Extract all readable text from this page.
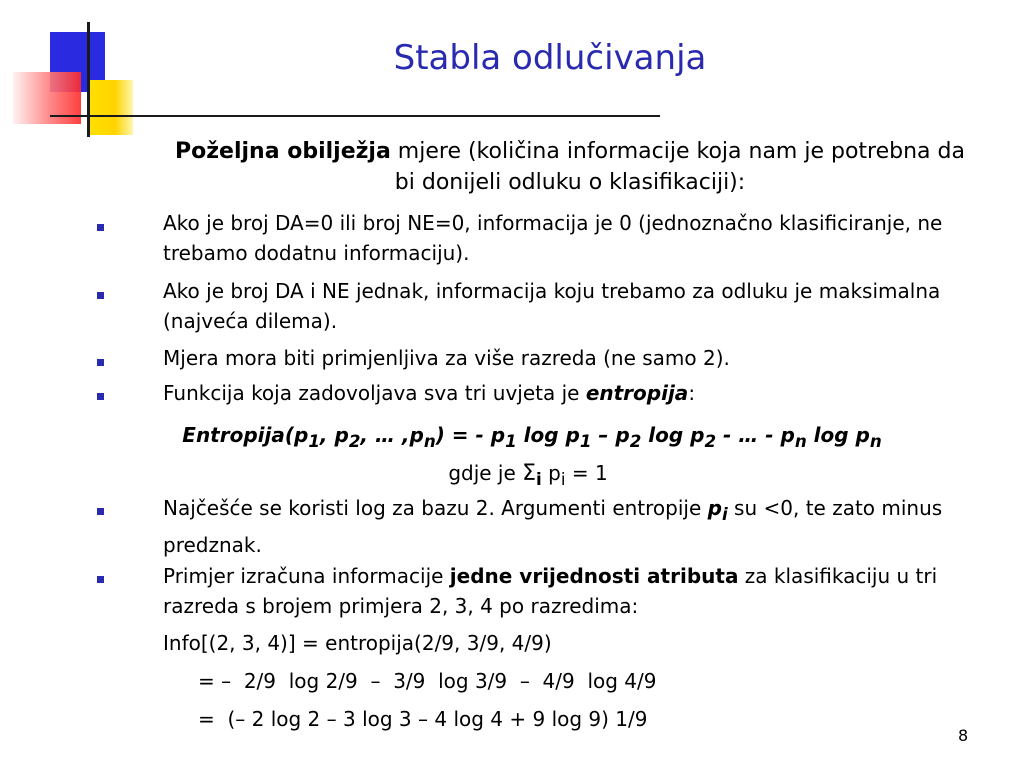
Stabla odlučivanja
Poželjna obilježja mjere (količina informacije koja nam je potrebna da bi donijeli odluku o klasifikaciji):
Ako je broj DA=0 ili broj NE=0, informacija je 0 (jednoznačno klasificiranje, ne trebamo dodatnu informaciju).
Ako je broj DA i NE jednak, informacija koju trebamo za odluku je maksimalna (najveća dilema).
Mjera mora biti primjenljiva za više razreda (ne samo 2).
Funkcija koja zadovoljava sva tri uvjeta je entropija:
$Entropija(p_1$, $p_2$, … $,p_n$) = - $p_1$ $\log p_1 - p_2$ $\log p_2$ - … - $p_n$ $\log p_n$
gdje je $\Sigma_i$ $p_i = 1$
Najčešće se koristi log za bazu 2. Argumenti entropije $p_i$ su <0, te zato minus predznak.
Primjer izračuna informacije jedne vrijednosti atributa za klasifikaciju u tri razreda s brojem primjera 2, 3, 4 po razredima:
Info[(2, 3, 4)] = entropija(2/9, 3/9, 4/9)
= –  2/9  log 2/9  –  3/9  log 3/9  –  4/9  log 4/9
=  (– 2 log 2 – 3 log 3 – 4 log 4 + 9 log 9) 1/9
8
